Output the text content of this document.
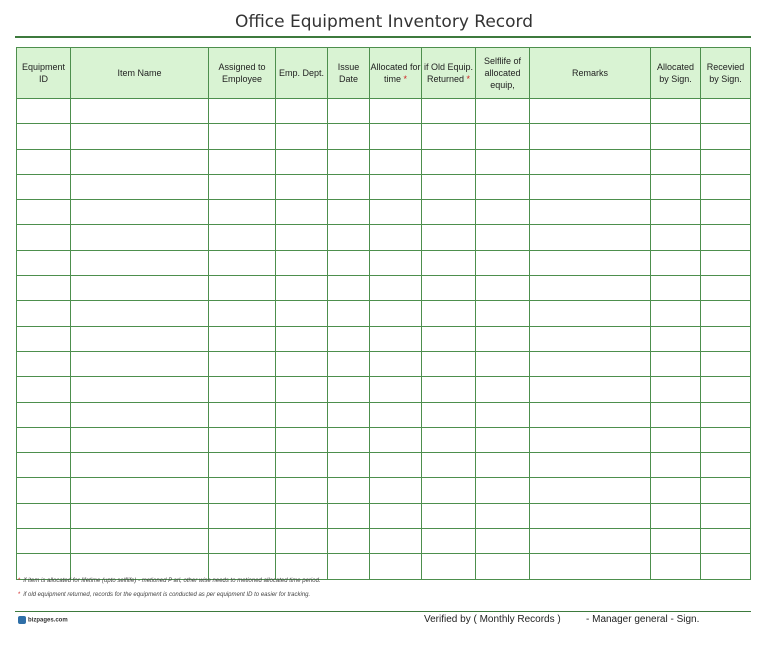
Office Equipment Inventory Record
Equipment ID	Item Name	Assigned to Employee	Emp. Dept.	Issue Date	Allocated for time *	if Old Equip. Returned *	Selflife of allocated equip,	Remarks	Allocated by Sign.	Recevied by Sign.

* if item is allocated for lifetime (upto selflife) - metioned P arl, other wise needs to metioned allocated time period.
* if old equipment returned, records for the equipment is conducted as per equipment ID to easier for tracking.
bizpages.com	Verified by ( Monthly Records )	- Manager general - Sign.
